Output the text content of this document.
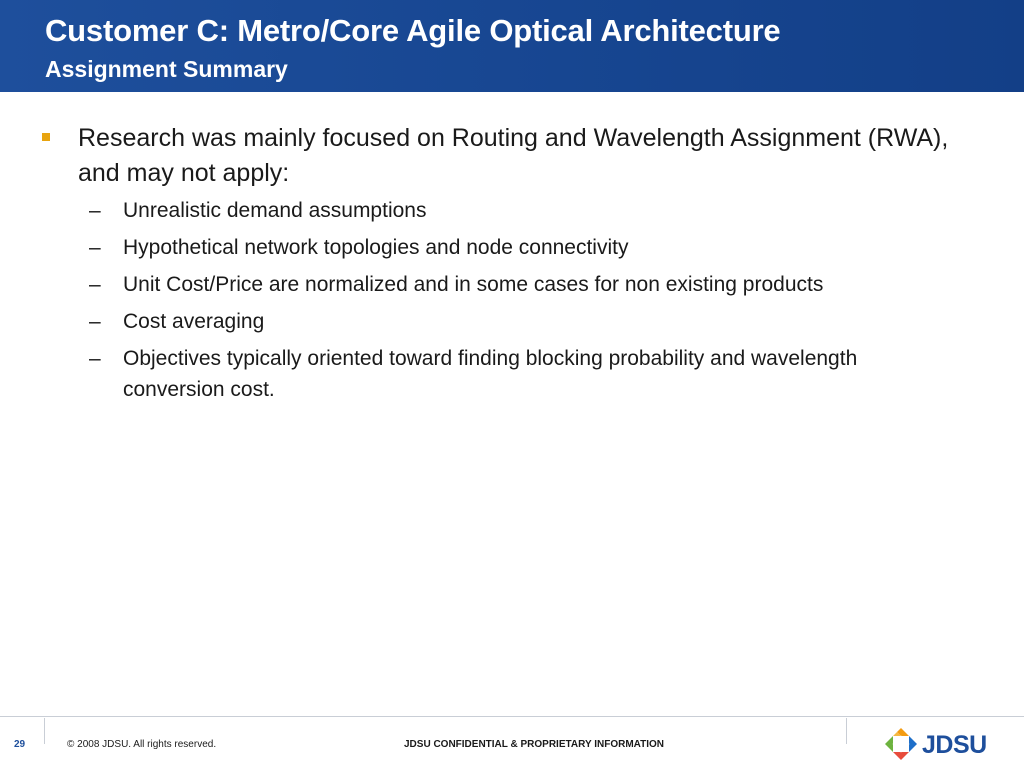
Customer C: Metro/Core Agile Optical Architecture
Assignment Summary
Research was mainly focused on Routing and Wavelength Assignment (RWA), and may not apply:
– Unrealistic demand assumptions
– Hypothetical network topologies and node connectivity
– Unit Cost/Price are normalized and in some cases for non existing products
– Cost averaging
– Objectives typically oriented toward finding blocking probability and wavelength conversion cost.
29	© 2008 JDSU. All rights reserved.	JDSU CONFIDENTIAL & PROPRIETARY INFORMATION	JDSU
